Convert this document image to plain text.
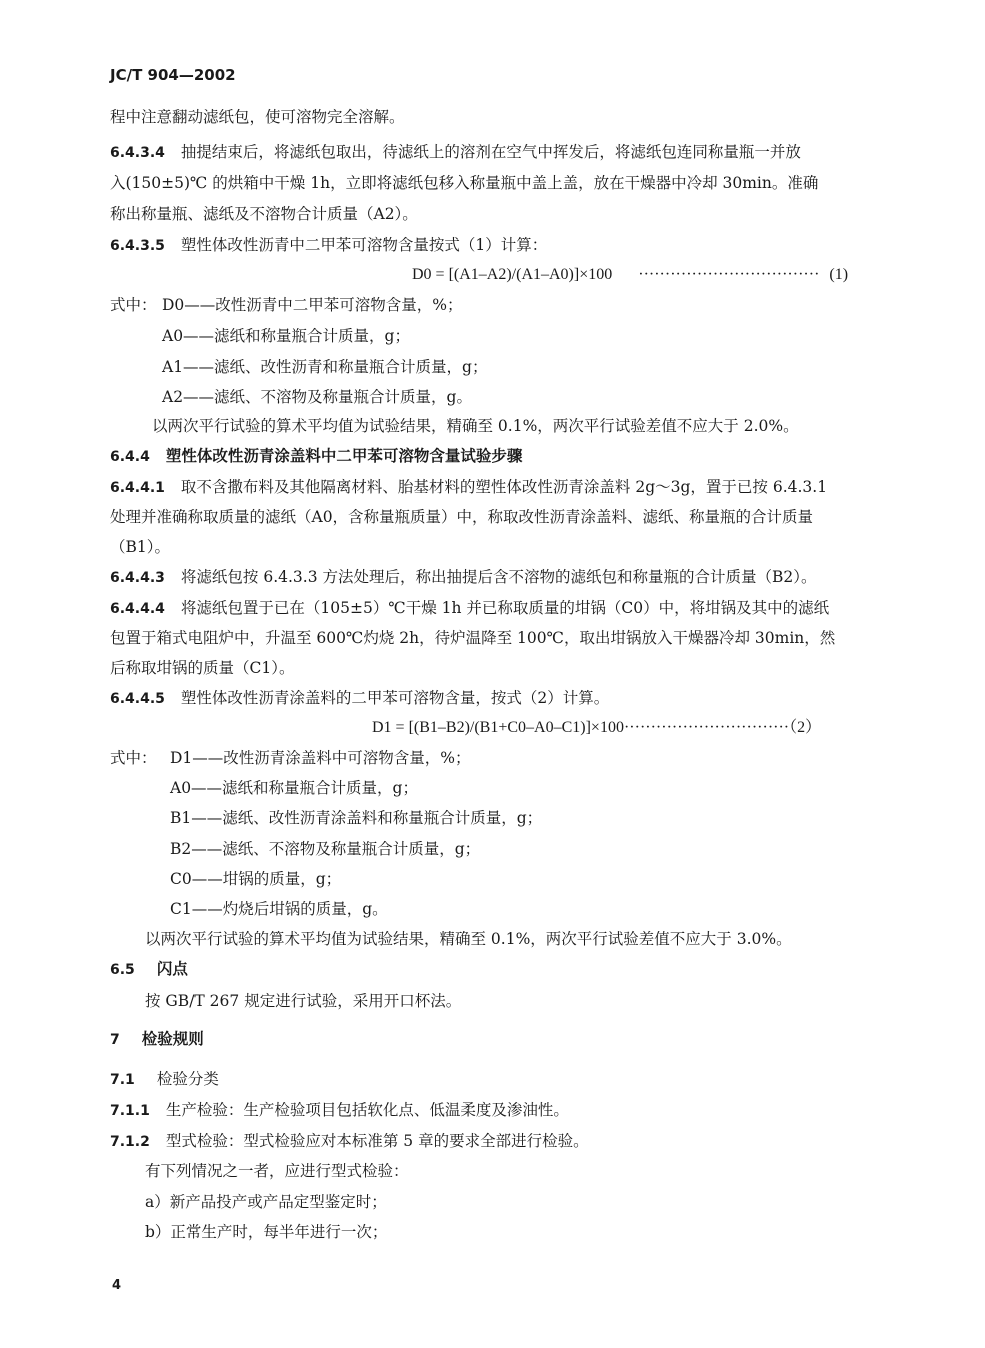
JC/T 904—2002
程中注意翻动滤纸包，使可溶物完全溶解。
6.4.3.4 抽提结束后，将滤纸包取出，待滤纸上的溶剂在空气中挥发后，将滤纸包连同称量瓶一并放
入(150±5)℃ 的烘箱中干燥 1h，立即将滤纸包移入称量瓶中盖上盖，放在干燥器中冷却 30min。准确
称出称量瓶、滤纸及不溶物合计质量（A2）。
6.4.3.5 塑性体改性沥青中二甲苯可溶物含量按式（1）计算：
D0 = [(A1–A2)/(A1–A0)]×100 ·································· (1)
式中： D0——改性沥青中二甲苯可溶物含量，%；
A0——滤纸和称量瓶合计质量，g；
A1——滤纸、改性沥青和称量瓶合计质量，g；
A2——滤纸、不溶物及称量瓶合计质量，g。
以两次平行试验的算术平均值为试验结果，精确至 0.1%，两次平行试验差值不应大于 2.0%。
6.4.4 塑性体改性沥青涂盖料中二甲苯可溶物含量试验步骤
6.4.4.1 取不含撒布料及其他隔离材料、胎基材料的塑性体改性沥青涂盖料 2g～3g，置于已按 6.4.3.1
处理并准确称取质量的滤纸（A0，含称量瓶质量）中，称取改性沥青涂盖料、滤纸、称量瓶的合计质量
（B1）。
6.4.4.3 将滤纸包按 6.4.3.3 方法处理后，称出抽提后含不溶物的滤纸包和称量瓶的合计质量（B2）。
6.4.4.4 将滤纸包置于已在（105±5）℃干燥 1h 并已称取质量的坩锅（C0）中，将坩锅及其中的滤纸
包置于箱式电阻炉中，升温至 600℃灼烧 2h，待炉温降至 100℃，取出坩锅放入干燥器冷却 30min，然
后称取坩锅的质量（C1）。
6.4.4.5 塑性体改性沥青涂盖料的二甲苯可溶物含量，按式（2）计算。
D1 = [(B1–B2)/(B1+C0–A0–C1)]×100·······························（2）
式中： D1——改性沥青涂盖料中可溶物含量，%；
A0——滤纸和称量瓶合计质量，g；
B1——滤纸、改性沥青涂盖料和称量瓶合计质量，g；
B2——滤纸、不溶物及称量瓶合计质量，g；
C0——坩锅的质量，g；
C1——灼烧后坩锅的质量，g。
以两次平行试验的算术平均值为试验结果，精确至 0.1%，两次平行试验差值不应大于 3.0%。
6.5 闪点
按 GB/T 267 规定进行试验，采用开口杯法。
7 检验规则
7.1 检验分类
7.1.1 生产检验：生产检验项目包括软化点、低温柔度及渗油性。
7.1.2 型式检验：型式检验应对本标准第 5 章的要求全部进行检验。
有下列情况之一者，应进行型式检验：
a）新产品投产或产品定型鉴定时；
b）正常生产时，每半年进行一次；
4
